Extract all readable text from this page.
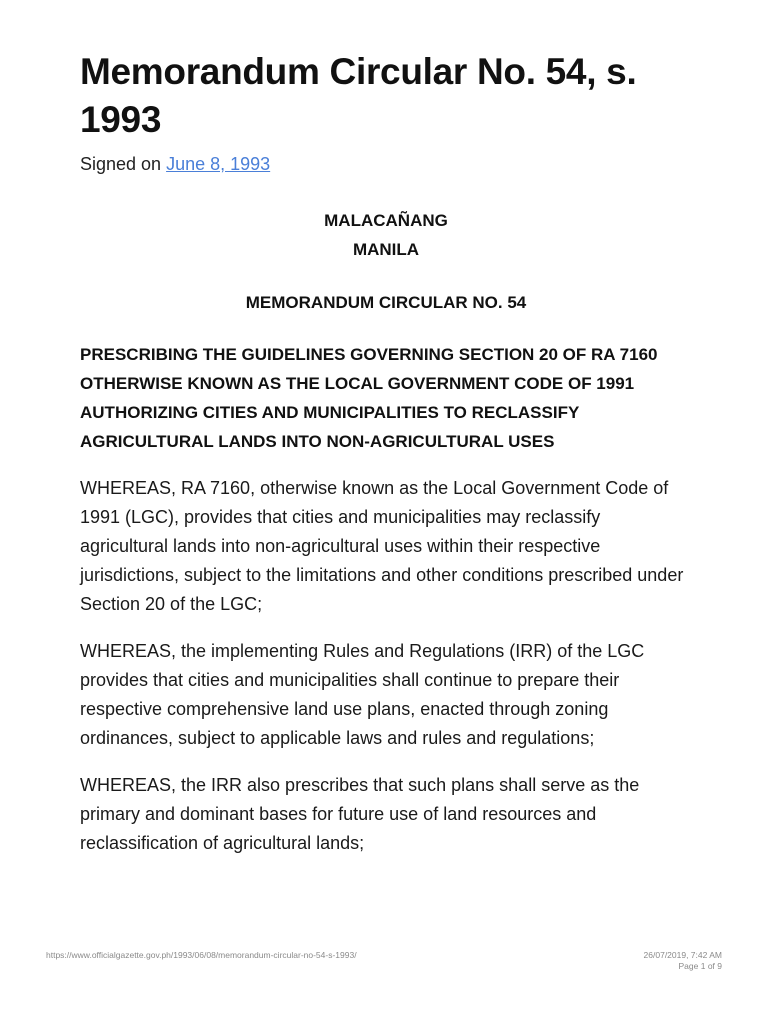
Memorandum Circular No. 54, s. 1993
Signed on June 8, 1993
MALACAÑANG
MANILA
MEMORANDUM CIRCULAR NO. 54
PRESCRIBING THE GUIDELINES GOVERNING SECTION 20 OF RA 7160 OTHERWISE KNOWN AS THE LOCAL GOVERNMENT CODE OF 1991 AUTHORIZING CITIES AND MUNICIPALITIES TO RECLASSIFY AGRICULTURAL LANDS INTO NON-AGRICULTURAL USES

WHEREAS, RA 7160, otherwise known as the Local Government Code of 1991 (LGC), provides that cities and municipalities may reclassify agricultural lands into non-agricultural uses within their respective jurisdictions, subject to the limitations and other conditions prescribed under Section 20 of the LGC;

WHEREAS, the implementing Rules and Regulations (IRR) of the LGC provides that cities and municipalities shall continue to prepare their respective comprehensive land use plans, enacted through zoning ordinances, subject to applicable laws and rules and regulations;

WHEREAS, the IRR also prescribes that such plans shall serve as the primary and dominant bases for future use of land resources and reclassification of agricultural lands;

https://www.officialgazette.gov.ph/1993/06/08/memorandum-circular-no-54-s-1993/	26/07/2019, 7:42 AM
Page 1 of 9
